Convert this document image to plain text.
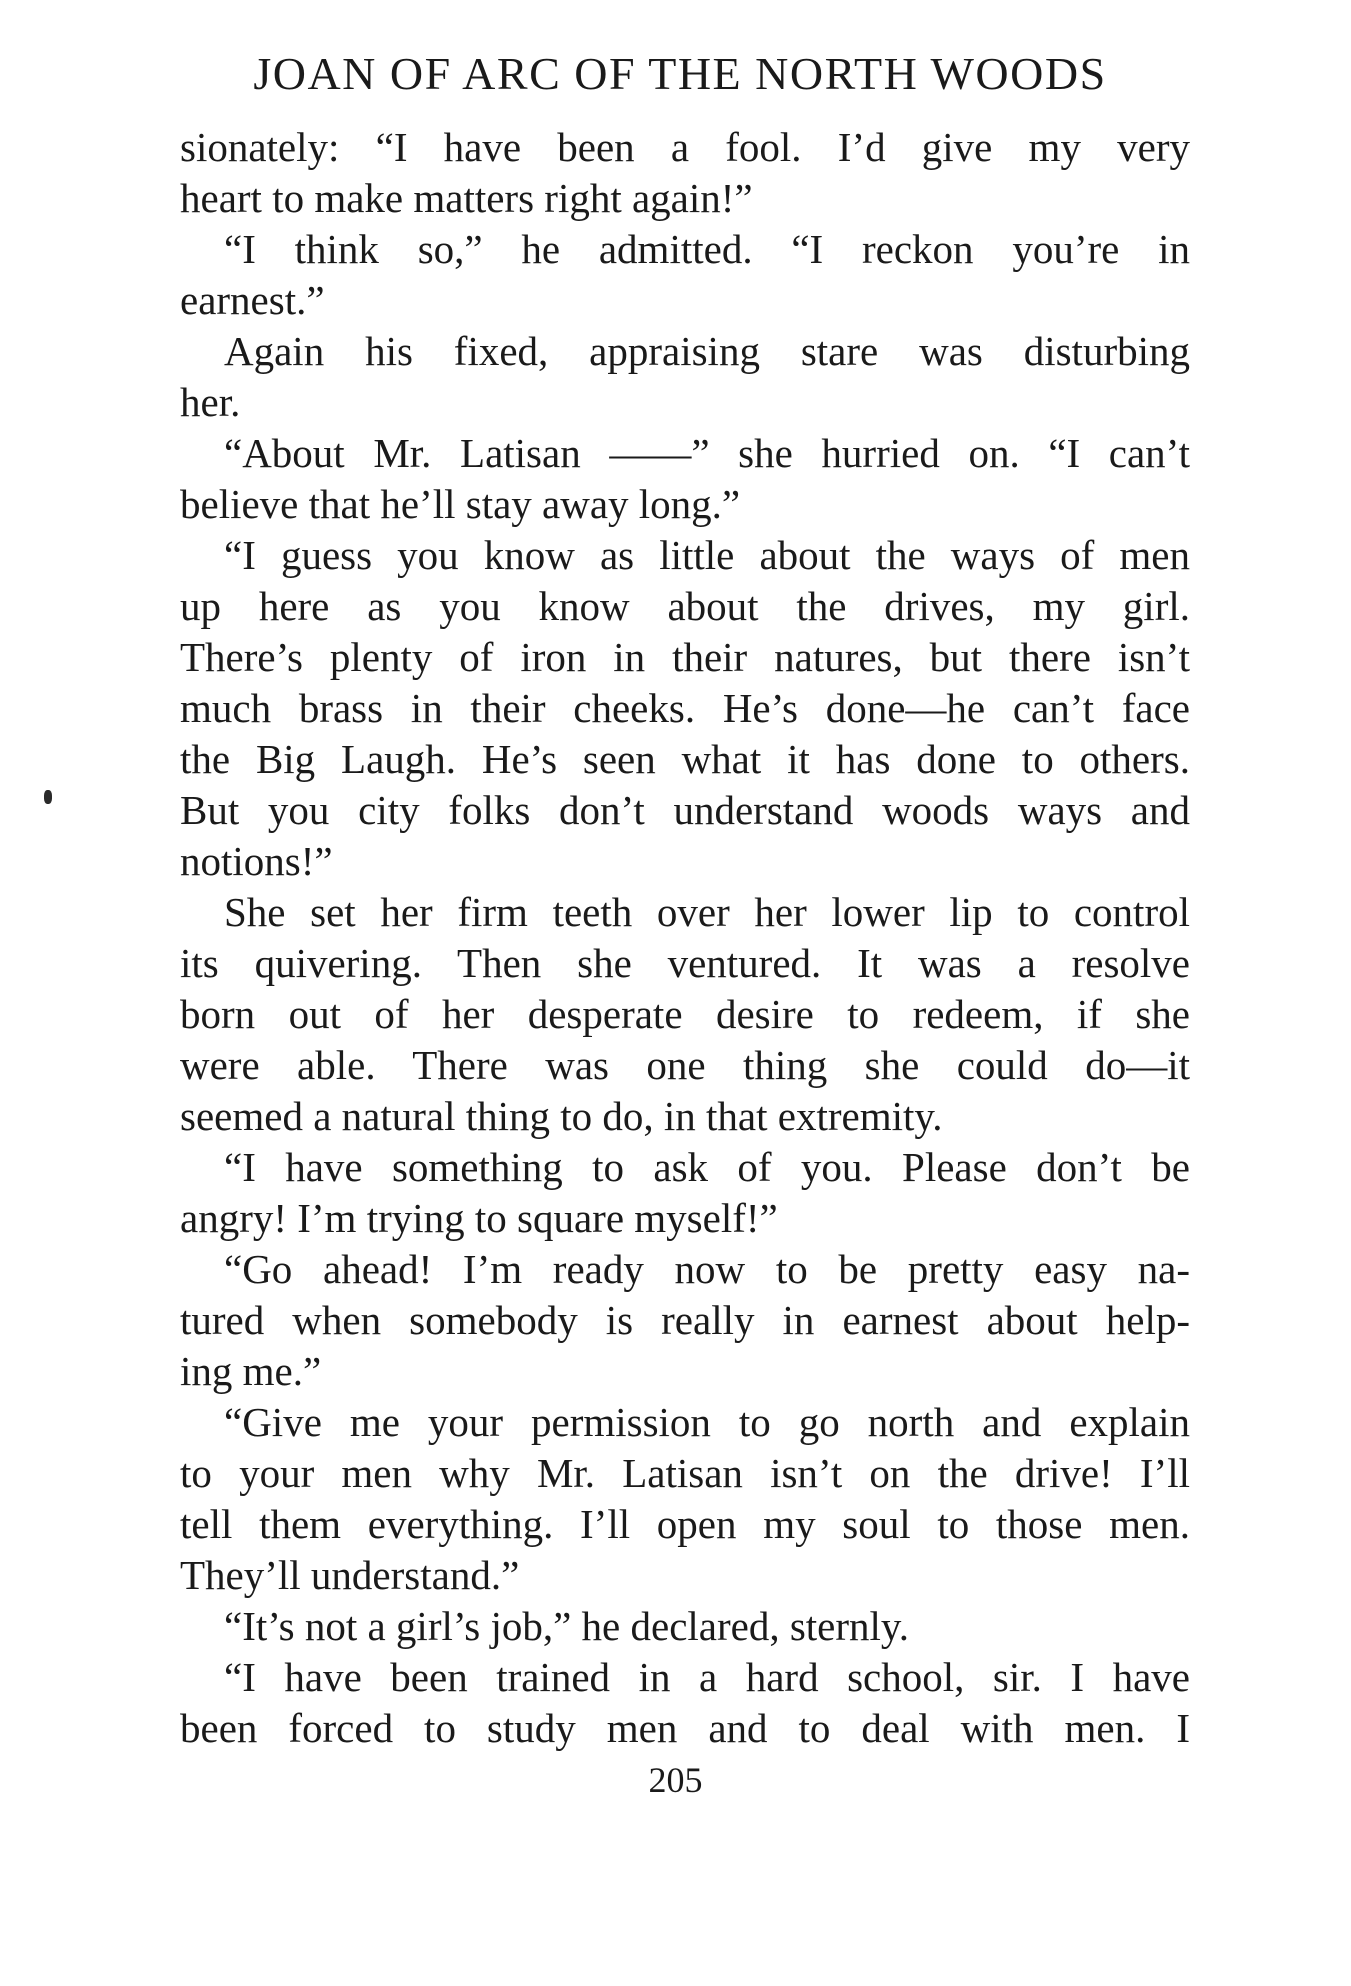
JOAN OF ARC OF THE NORTH WOODS
sionately: “I have been a fool. I’d give my very
heart to make matters right again!”
“I think so,” he admitted. “I reckon you’re in
earnest.”
Again his fixed, appraising stare was disturbing
her.
“About Mr. Latisan ——” she hurried on. “I can’t
believe that he’ll stay away long.”
“I guess you know as little about the ways of men
up here as you know about the drives, my girl.
There’s plenty of iron in their natures, but there isn’t
much brass in their cheeks. He’s done—he can’t face
the Big Laugh. He’s seen what it has done to others.
But you city folks don’t understand woods ways and
notions!”
She set her firm teeth over her lower lip to control
its quivering. Then she ventured. It was a resolve
born out of her desperate desire to redeem, if she
were able. There was one thing she could do—it
seemed a natural thing to do, in that extremity.
“I have something to ask of you. Please don’t be
angry! I’m trying to square myself!”
“Go ahead! I’m ready now to be pretty easy na-
tured when somebody is really in earnest about help-
ing me.”
“Give me your permission to go north and explain
to your men why Mr. Latisan isn’t on the drive! I’ll
tell them everything. I’ll open my soul to those men.
They’ll understand.”
“It’s not a girl’s job,” he declared, sternly.
“I have been trained in a hard school, sir. I have
been forced to study men and to deal with men. I
205
